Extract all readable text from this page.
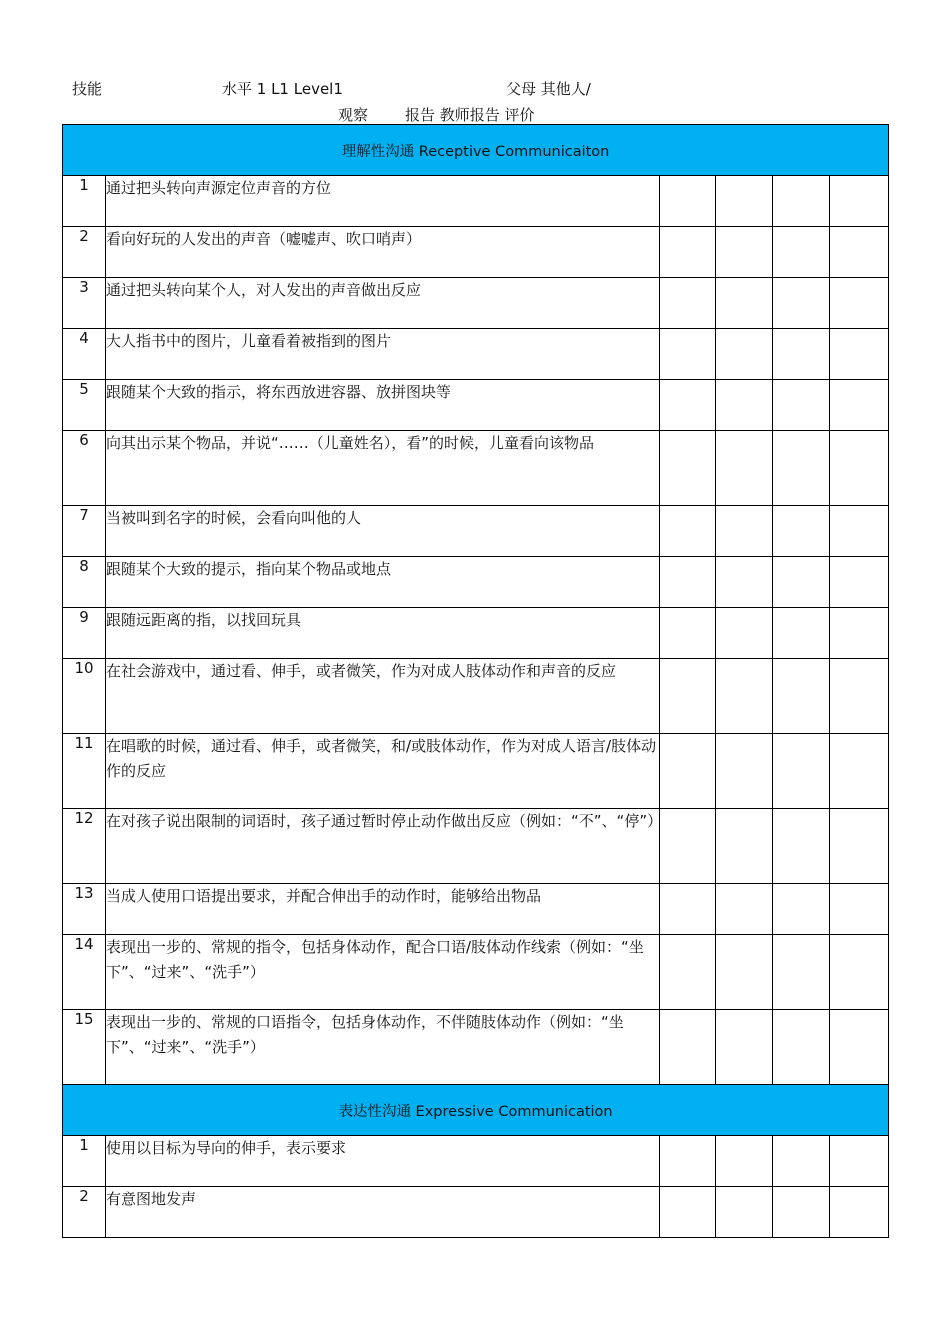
技能	水平 1 L1 Level1	父母 其他人/
观察 报告 教师报告 评价
理解性沟通 Receptive Communicaiton					
1	通过把头转向声源定位声音的方位				
2	看向好玩的人发出的声音（嘘嘘声、吹口哨声）				
3	通过把头转向某个人，对人发出的声音做出反应				
4	大人指书中的图片，儿童看着被指到的图片				
5	跟随某个大致的指示，将东西放进容器、放拼图块等				
6	向其出示某个物品，并说“……（儿童姓名），看”的时候，儿童看向该物品				
7	当被叫到名字的时候，会看向叫他的人				
8	跟随某个大致的提示，指向某个物品或地点				
9	跟随远距离的指，以找回玩具				
10	在社会游戏中，通过看、伸手，或者微笑，作为对成人肢体动作和声音的反应				
11	在唱歌的时候，通过看、伸手，或者微笑，和/或肢体动作，作为对成人语言/肢体动作的反应				
12	在对孩子说出限制的词语时，孩子通过暂时停止动作做出反应（例如：“不”、“停”）				
13	当成人使用口语提出要求，并配合伸出手的动作时，能够给出物品				
14	表现出一步的、常规的指令，包括身体动作，配合口语/肢体动作线索（例如：“坐下”、“过来”、“洗手”）				
15	表现出一步的、常规的口语指令，包括身体动作，不伴随肢体动作（例如：“坐下”、“过来”、“洗手”）				
表达性沟通 Expressive Communication					
1	使用以目标为导向的伸手，表示要求				
2	有意图地发声				
